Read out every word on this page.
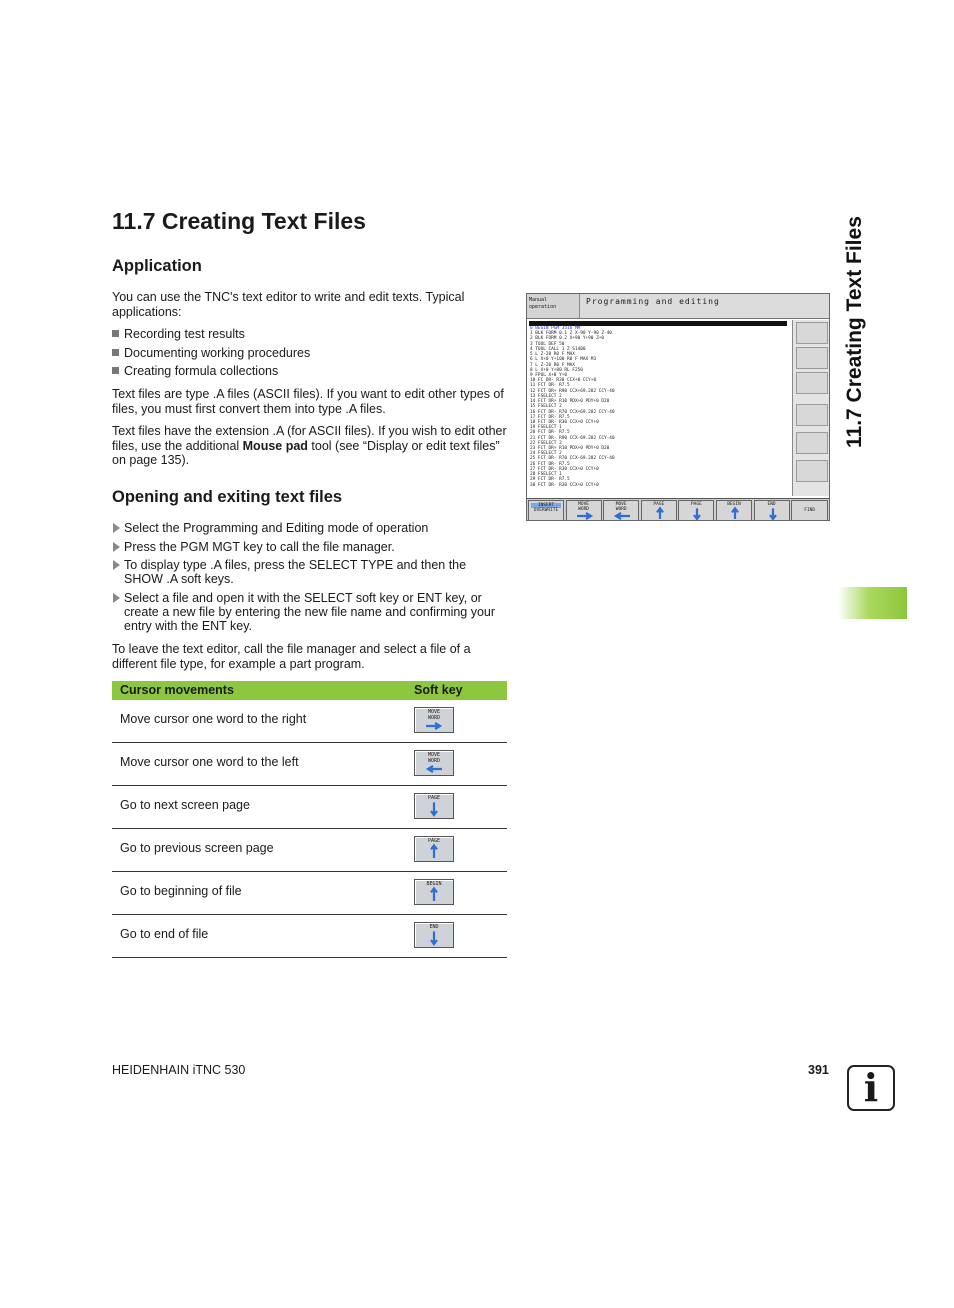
11.7 Creating Text Files	11.7 Creating Text Files
Application

You can use the TNC's text editor to write and edit texts. Typical applications:

Recording test results
Documenting working procedures
Creating formula collections

Text files are type .A files (ASCII files). If you want to edit other types of files, you must first convert them into type .A files.

Text files have the extension .A (for ASCII files). If you wish to edit other files, use the additional Mouse pad tool (see “Display or edit text files” on page 135).

Opening and exiting text files
Select the Programming and Editing mode of operation
Press the PGM MGT key to call the file manager.
To display type .A files, press the SELECT TYPE and then the SHOW .A soft keys.
Select a file and open it with the SELECT soft key or ENT key, or create a new file by entering the new file name and confirming your entry with the ENT key.

To leave the text editor, call the file manager and select a file of a different file type, for example a part program.

Cursor movements	Soft key
Move cursor one word to the right	MOVE
WORD
Move cursor one word to the left	MOVE
WORD
Go to next screen page	PAGE
Go to previous screen page	PAGE
Go to beginning of file	BEGIN
Go to end of file	END
Manual
operation
Programming and editing
0 BEGIN PGM 3516 MM
1 BLK FORM 0.1 Z X-90 Y-90 Z-40
2 BLK FORM 0.2 X+90 Y+90 Z+0
3 TOOL DEF 50
4 TOOL CALL 1 Z S1400
5 L Z-20 R0 F MAX
6 L X+0 Y+100 R0 F MAX M3
7 L Z-20 R0 F MAX
8 L X+0 Y+80 RL F250
9 FPOL X+0 Y+0
10 FC DR- R30 CCX+0 CCY+0
11 FCT DR- R7.5
12 FCT DR+ R90 CCX+69.282 CCY-40
13 FSELECT 2
14 FCT DR+ R10 PDX+0 PDY+0 D20
15 FSELECT 2
16 FCT DR- R70 CCX+69.282 CCY-40
17 FCT DR- R7.5
18 FCT DR- R30 CCX+0 CCY+0
19 FSELECT 1
20 FCT DR- R7.5
21 FCT DR- R90 CCX-69.282 CCY-40
22 FSELECT 2
23 FCT DR+ R10 PDX+0 PDY+0 D20
24 FSELECT 2
25 FCT DR- R70 CCX-69.282 CCY-40
26 FCT DR- R7.5
27 FCT DR- R30 CCX+0 CCY+0
28 FSELECT 1
29 FCT DR- R7.5
30 FCT DR- R30 CCX+0 CCY+0
INSERT
OVERWRITE
MOVE
WORD
MOVE
WORD
PAGE	PAGE	BEGIN	END
FIND
HEIDENHAIN iTNC 530	391 i
